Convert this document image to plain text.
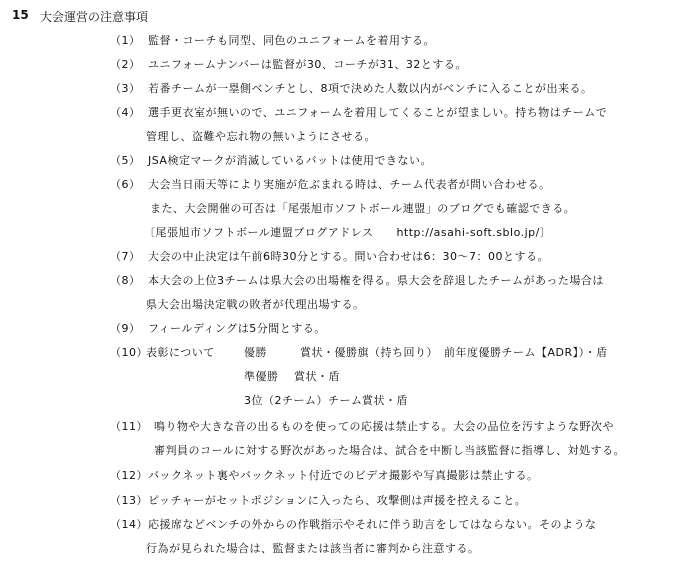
15 大会運営の注意事項
（1） 監督・コーチも同型、同色のユニフォームを着用する。
（2） ユニフォームナンバーは監督が30、コーチが31、32とする。
（3） 若番チームが一塁側ベンチとし、8項で決めた人数以内がベンチに入ることが出来る。
（4） 選手更衣室が無いので、ユニフォームを着用してくることが望ましい。持ち物はチームで
管理し、盗難や忘れ物の無いようにさせる。
（5） JSA検定マークが消滅しているバットは使用できない。
（6） 大会当日雨天等により実施が危ぶまれる時は、チーム代表者が問い合わせる。
また、大会開催の可否は「尾張旭市ソフトボール連盟」のブログでも確認できる。
〔尾張旭市ソフトボール連盟ブログアドレス　　http://asahi-soft.sblo.jp/〕
（7） 大会の中止決定は午前6時30分とする。問い合わせは6：30〜7：00とする。
（8） 本大会の上位3チームは県大会の出場権を得る。県大会を辞退したチームがあった場合は
県大会出場決定戦の敗者が代理出場する。
（9） フィールディングは5分間とする。
（10）
表彰について	優勝	賞状・優勝旗（持ち回り）　前年度優勝チーム【ADR】）・盾
準優勝 賞状・盾
3位（2チーム）チーム 賞状・盾
（11） 鳴り物や大きな音の出るものを使っての応援は禁止する。大会の品位を汚すような野次や
審判員のコールに対する野次があった場合は、試合を中断し当該監督に指導し、対処する。
（12） バックネット裏やバックネット付近でのビデオ撮影や写真撮影は禁止する。
（13） ピッチャーがセットポジションに入ったら、攻撃側は声援を控えること。
（14） 応援席などベンチの外からの作戦指示やそれに伴う助言をしてはならない。そのような
行為が見られた場合は、監督または該当者に審判から注意する。
